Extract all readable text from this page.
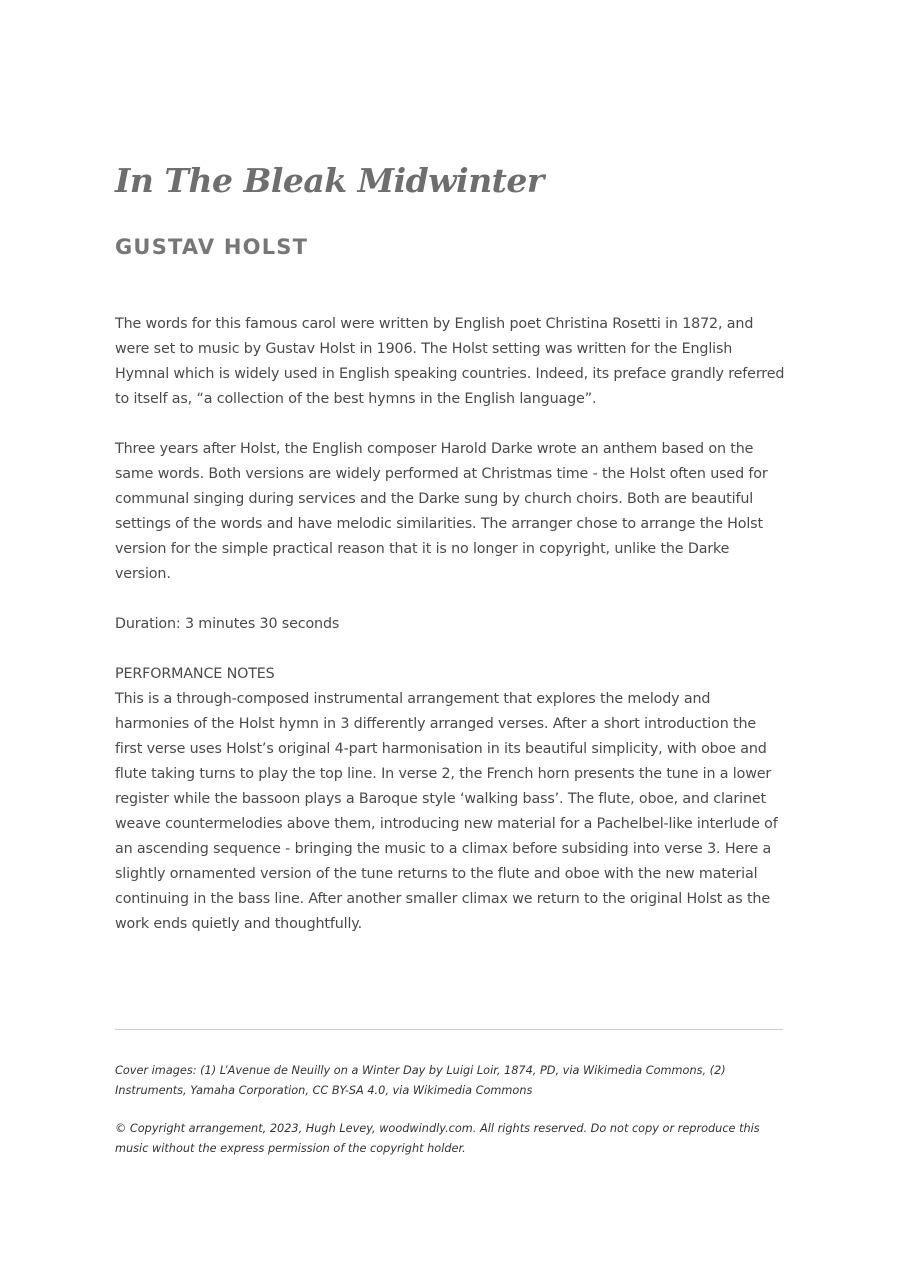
In The Bleak Midwinter
GUSTAV HOLST

The words for this famous carol were written by English poet Christina Rosetti in 1872, and were set to music by Gustav Holst in 1906. The Holst setting was written for the English Hymnal which is widely used in English speaking countries. Indeed, its preface grandly referred to itself as, “a collection of the best hymns in the English language”.

Three years after Holst, the English composer Harold Darke wrote an anthem based on the same words. Both versions are widely performed at Christmas time - the Holst often used for communal singing during services and the Darke sung by church choirs. Both are beautiful settings of the words and have melodic similarities. The arranger chose to arrange the Holst version for the simple practical reason that it is no longer in copyright, unlike the Darke version.

Duration: 3 minutes 30 seconds

PERFORMANCE NOTES

This is a through-composed instrumental arrangement that explores the melody and harmonies of the Holst hymn in 3 differently arranged verses. After a short introduction the first verse uses Holst’s original 4-part harmonisation in its beautiful simplicity, with oboe and flute taking turns to play the top line. In verse 2, the French horn presents the tune in a lower register while the bassoon plays a Baroque style ‘walking bass’. The flute, oboe, and clarinet weave countermelodies above them, introducing new material for a Pachelbel-like interlude of an ascending sequence - bringing the music to a climax before subsiding into verse 3. Here a slightly ornamented version of the tune returns to the flute and oboe with the new material continuing in the bass line. After another smaller climax we return to the original Holst as the work ends quietly and thoughtfully.

Cover images: (1) L’Avenue de Neuilly on a Winter Day by Luigi Loir, 1874, PD, via Wikimedia Commons, (2) Instruments, Yamaha Corporation, CC BY-SA 4.0, via Wikimedia Commons

© Copyright arrangement, 2023, Hugh Levey, woodwindly.com. All rights reserved. Do not copy or reproduce this music without the express permission of the copyright holder.
